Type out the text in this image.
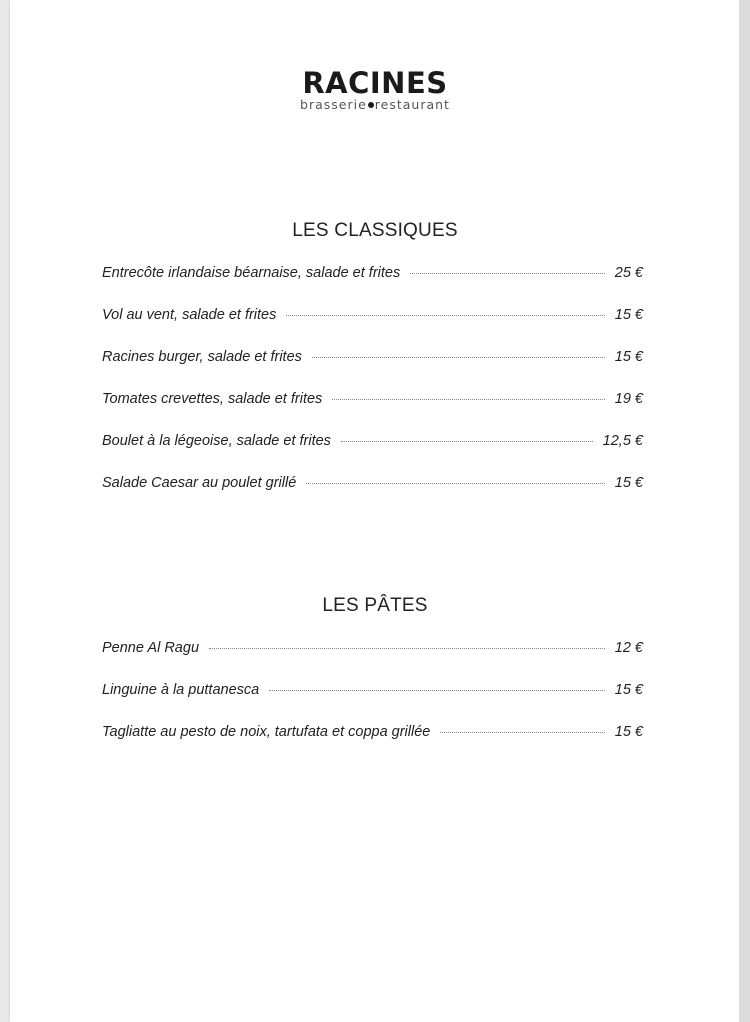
RACINES
brasserie restaurant
LES CLASSIQUES
Entrecôte irlandaise béarnaise, salade et frites	25 €
Vol au vent, salade et frites	15 €
Racines burger, salade et frites	15 €
Tomates crevettes, salade et frites	19 €
Boulet à la légeoise, salade et frites	12,5 €
Salade Caesar au poulet grillé	15 €
LES PÂTES
Penne Al Ragu	12 €
Linguine à la puttanesca	15 €
Tagliatte au pesto de noix, tartufata et coppa grillée	15 €
